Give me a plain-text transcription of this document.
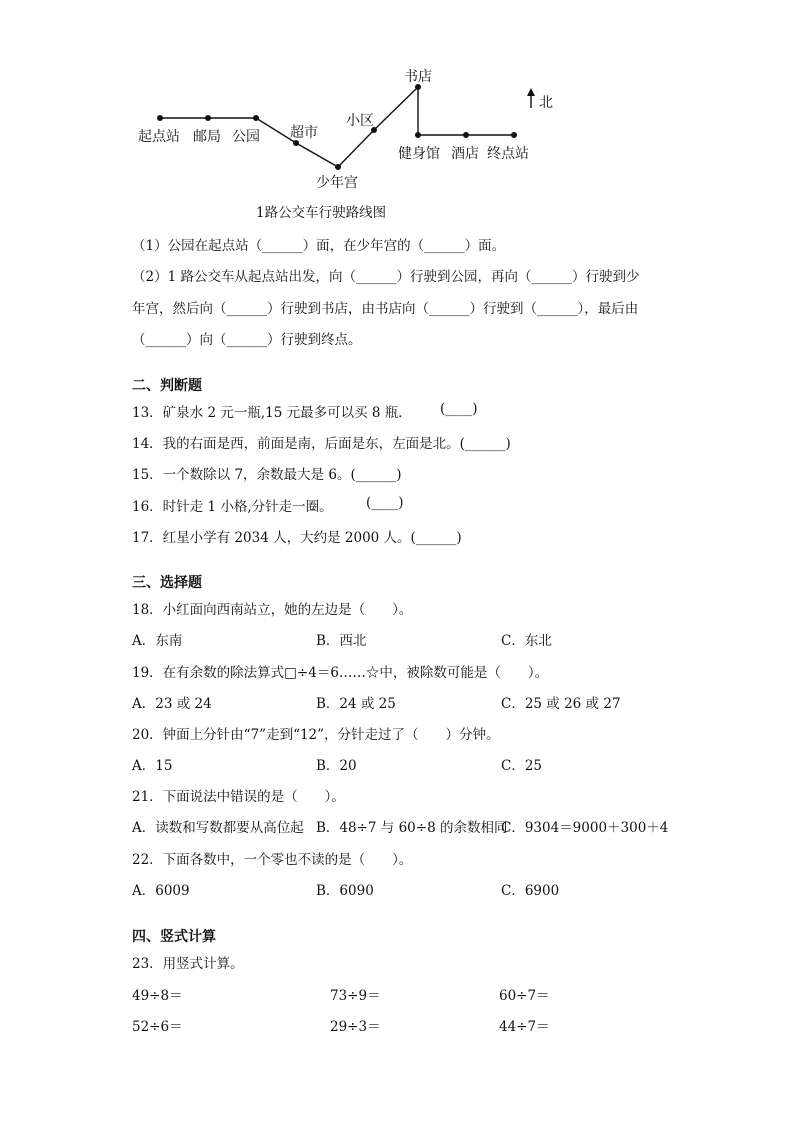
起点站 邮局 公园 超市
少年宫
小区
书店
健身馆 酒店 终点站
北
1路公交车行驶路线图
（1）公园在起点站（______）面，在少年宫的（______）面。
（2）1 路公交车从起点站出发，向（______）行驶到公园，再向（______）行驶到少
年宫，然后向（______）行驶到书店，由书店向（______）行驶到（______），最后由
（______）向（______）行驶到终点。
二、判断题
13．矿泉水 2 元一瓶,15 元最多可以买 8 瓶． (____)
14．我的右面是西，前面是南，后面是东，左面是北。(______)
15．一个数除以 7，余数最大是 6。(______)
16．时针走 1 小格,分针走一圈。 (____)
17．红星小学有 2034 人，大约是 2000 人。(______)
三、选择题
18．小红面向西南站立，她的左边是（　　）。
A．东南	B．西北	C．东北
19．在有余数的除法算式□÷4＝6……☆中，被除数可能是（　　）。
A．23 或 24	B．24 或 25	C．25 或 26 或 27
20．钟面上分针由“7”走到“12”，分针走过了（　　）分钟。
A．15	B．20	C．25
21．下面说法中错误的是（　　）。
A．读数和写数都要从高位起 B．48÷7 与 60÷8 的余数相同
C．9304＝9000＋300＋4
22．下面各数中，一个零也不读的是（　　）。
A．6009	B．6090	C．6900
四、竖式计算
23．用竖式计算。
49÷8＝	73÷9＝	60÷7＝
52÷6＝	29÷3＝	44÷7＝
